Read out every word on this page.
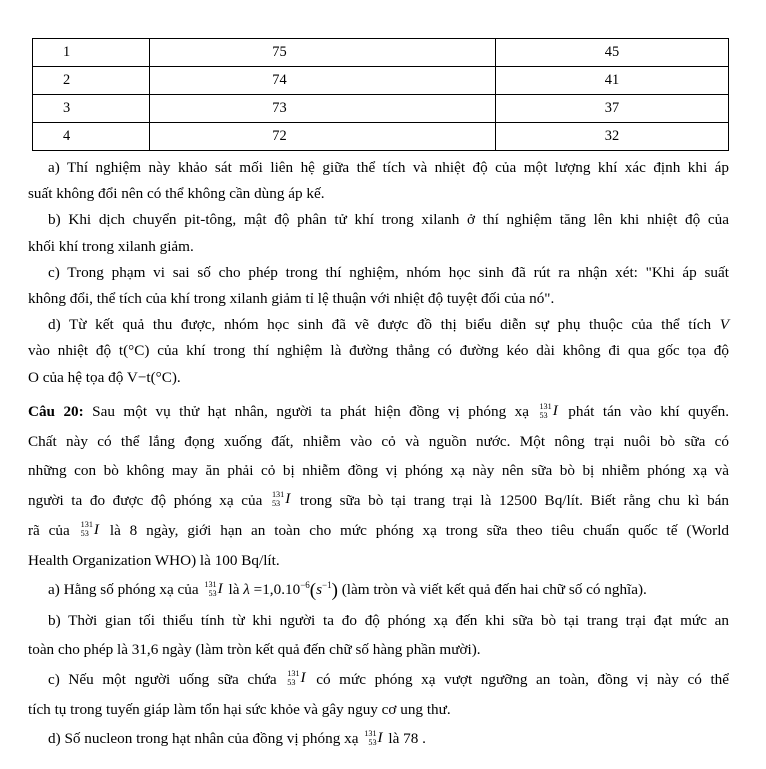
1	75	45
2	74	41
3	73	37
4	72	32
a) Thí nghiệm này khảo sát mối liên hệ giữa thể tích và nhiệt độ của một lượng khí xác định khi áp
suất không đổi nên có thể không cần dùng áp kế.
b) Khi dịch chuyển pit-tông, mật độ phân tử khí trong xilanh ở thí nghiệm tăng lên khi nhiệt độ của
khối khí trong xilanh giảm.
c) Trong phạm vi sai số cho phép trong thí nghiệm, nhóm học sinh đã rút ra nhận xét: "Khi áp suất
không đổi, thể tích của khí trong xilanh giảm tỉ lệ thuận với nhiệt độ tuyệt đối của nó".
d) Từ kết quả thu được, nhóm học sinh đã vẽ được đồ thị biểu diễn sự phụ thuộc của thể tích V
vào nhiệt độ t(°C) của khí trong thí nghiệm là đường thẳng có đường kéo dài không đi qua gốc tọa độ
O của hệ tọa độ V−t(°C).
Câu 20: Sau một vụ thử hạt nhân, người ta phát hiện đồng vị phóng xạ 131
53 I phát tán vào khí quyển.
Chất này có thể lắng đọng xuống đất, nhiễm vào cỏ và nguồn nước. Một nông trại nuôi bò sữa có
những con bò không may ăn phải cỏ bị nhiễm đồng vị phóng xạ này nên sữa bò bị nhiễm phóng xạ và
người ta đo được độ phóng xạ của 131
53 I trong sữa bò tại trang trại là 12500 Bq/lít. Biết rằng chu kì bán
rã của 131
53 I là 8 ngày, giới hạn an toàn cho mức phóng xạ trong sữa theo tiêu chuẩn quốc tế (World
Health Organization WHO) là 100 Bq/lít.
a) Hằng số phóng xạ của 131
53 I là $\lambda =1,0.10^{-6}(s^{-1})$ (làm tròn và viết kết quả đến hai chữ số có nghĩa).
b) Thời gian tối thiểu tính từ khi người ta đo độ phóng xạ đến khi sữa bò tại trang trại đạt mức an
toàn cho phép là 31,6 ngày (làm tròn kết quả đến chữ số hàng phần mười).
c) Nếu một người uống sữa chứa 131
53 I có mức phóng xạ vượt ngưỡng an toàn, đồng vị này có thể
tích tụ trong tuyến giáp làm tổn hại sức khỏe và gây nguy cơ ung thư.
d) Số nucleon trong hạt nhân của đồng vị phóng xạ 131
53 I là 78 .
